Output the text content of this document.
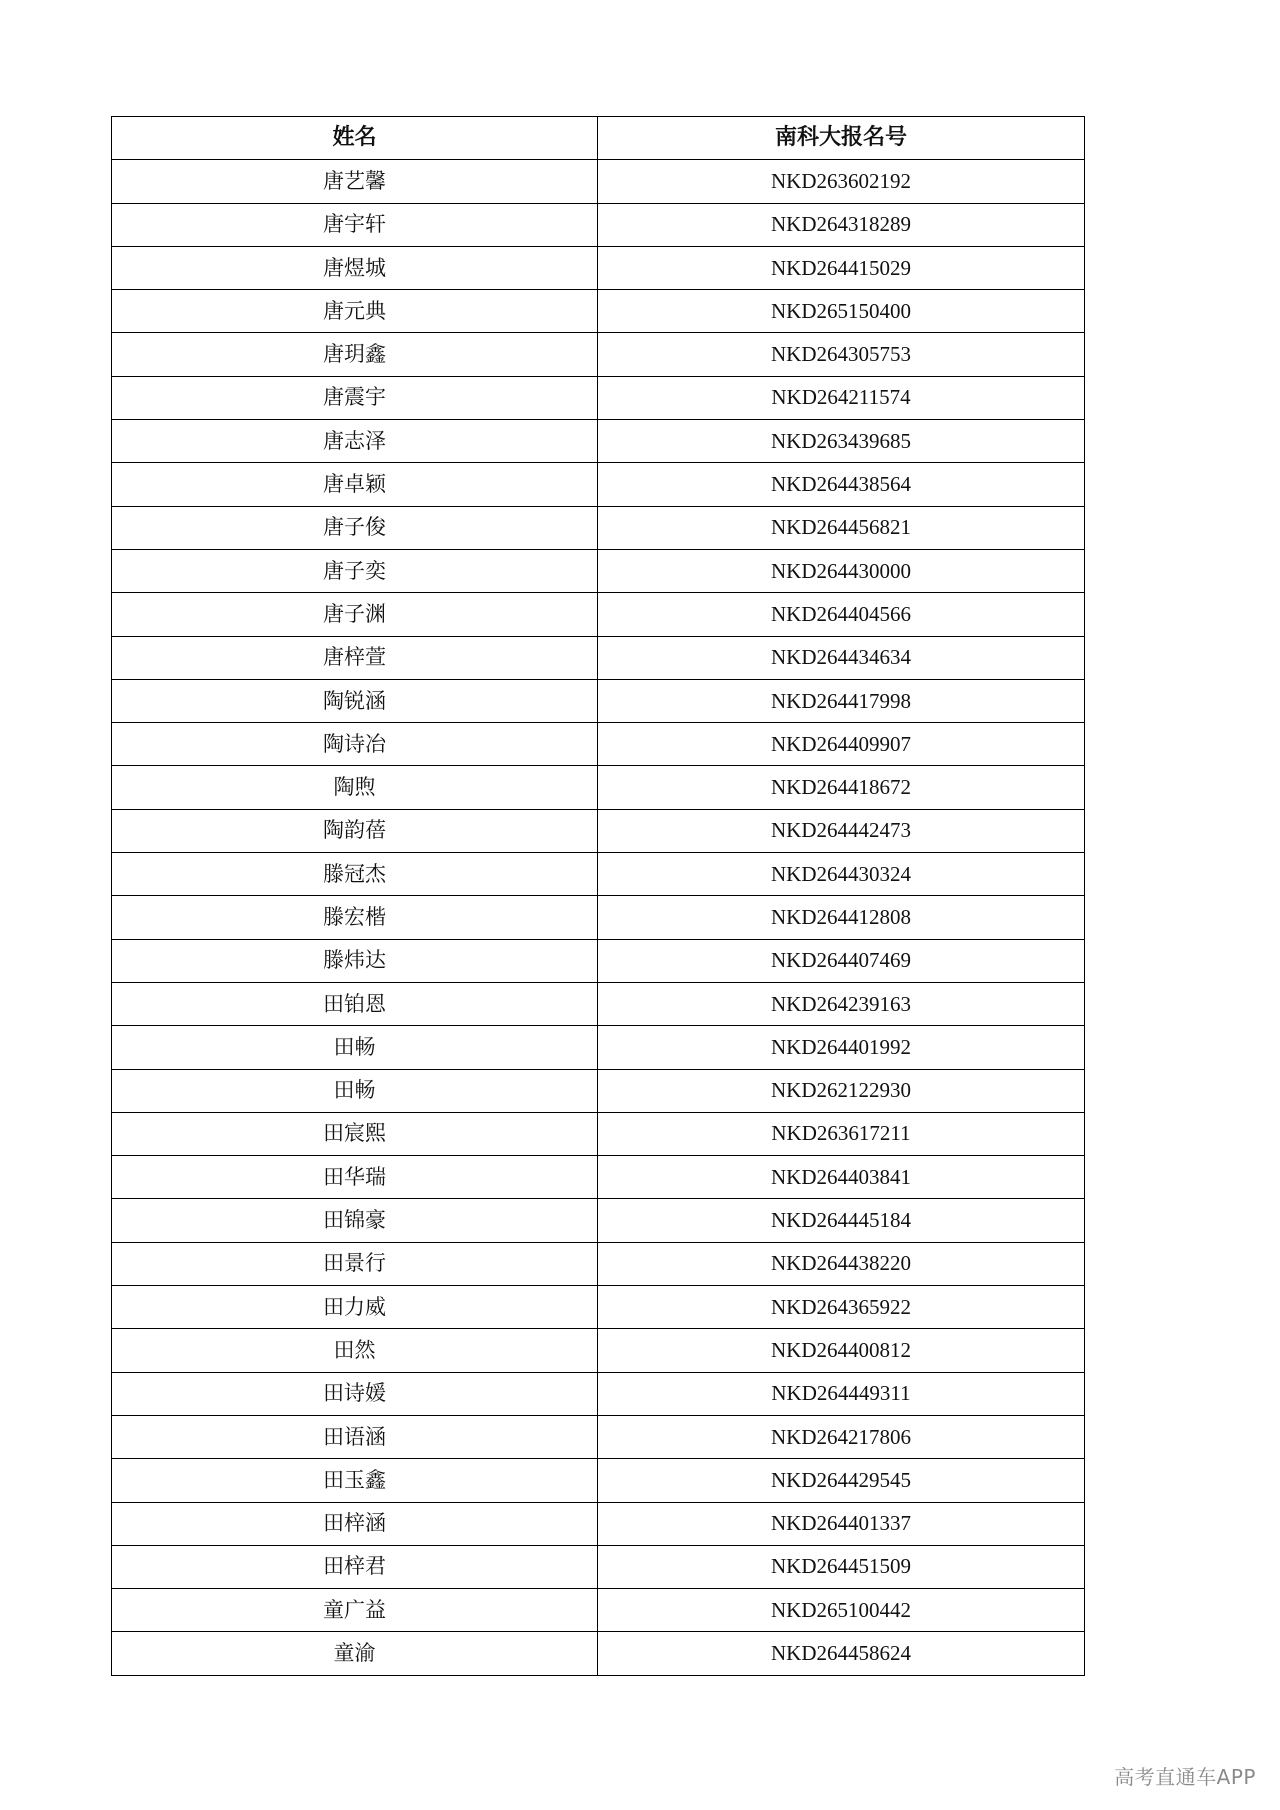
姓名	南科大报名号
唐艺馨	NKD263602192
唐宇轩	NKD264318289
唐煜城	NKD264415029
唐元典	NKD265150400
唐玥鑫	NKD264305753
唐震宇	NKD264211574
唐志泽	NKD263439685
唐卓颖	NKD264438564
唐子俊	NKD264456821
唐子奕	NKD264430000
唐子渊	NKD264404566
唐梓萱	NKD264434634
陶锐涵	NKD264417998
陶诗冶	NKD264409907
陶煦	NKD264418672
陶韵蓓	NKD264442473
滕冠杰	NKD264430324
滕宏楷	NKD264412808
滕炜达	NKD264407469
田铂恩	NKD264239163
田畅	NKD264401992
田畅	NKD262122930
田宸熙	NKD263617211
田华瑞	NKD264403841
田锦豪	NKD264445184
田景行	NKD264438220
田力威	NKD264365922
田然	NKD264400812
田诗媛	NKD264449311
田语涵	NKD264217806
田玉鑫	NKD264429545
田梓涵	NKD264401337
田梓君	NKD264451509
童广益	NKD265100442
童渝	NKD264458624
高考直通车APP
